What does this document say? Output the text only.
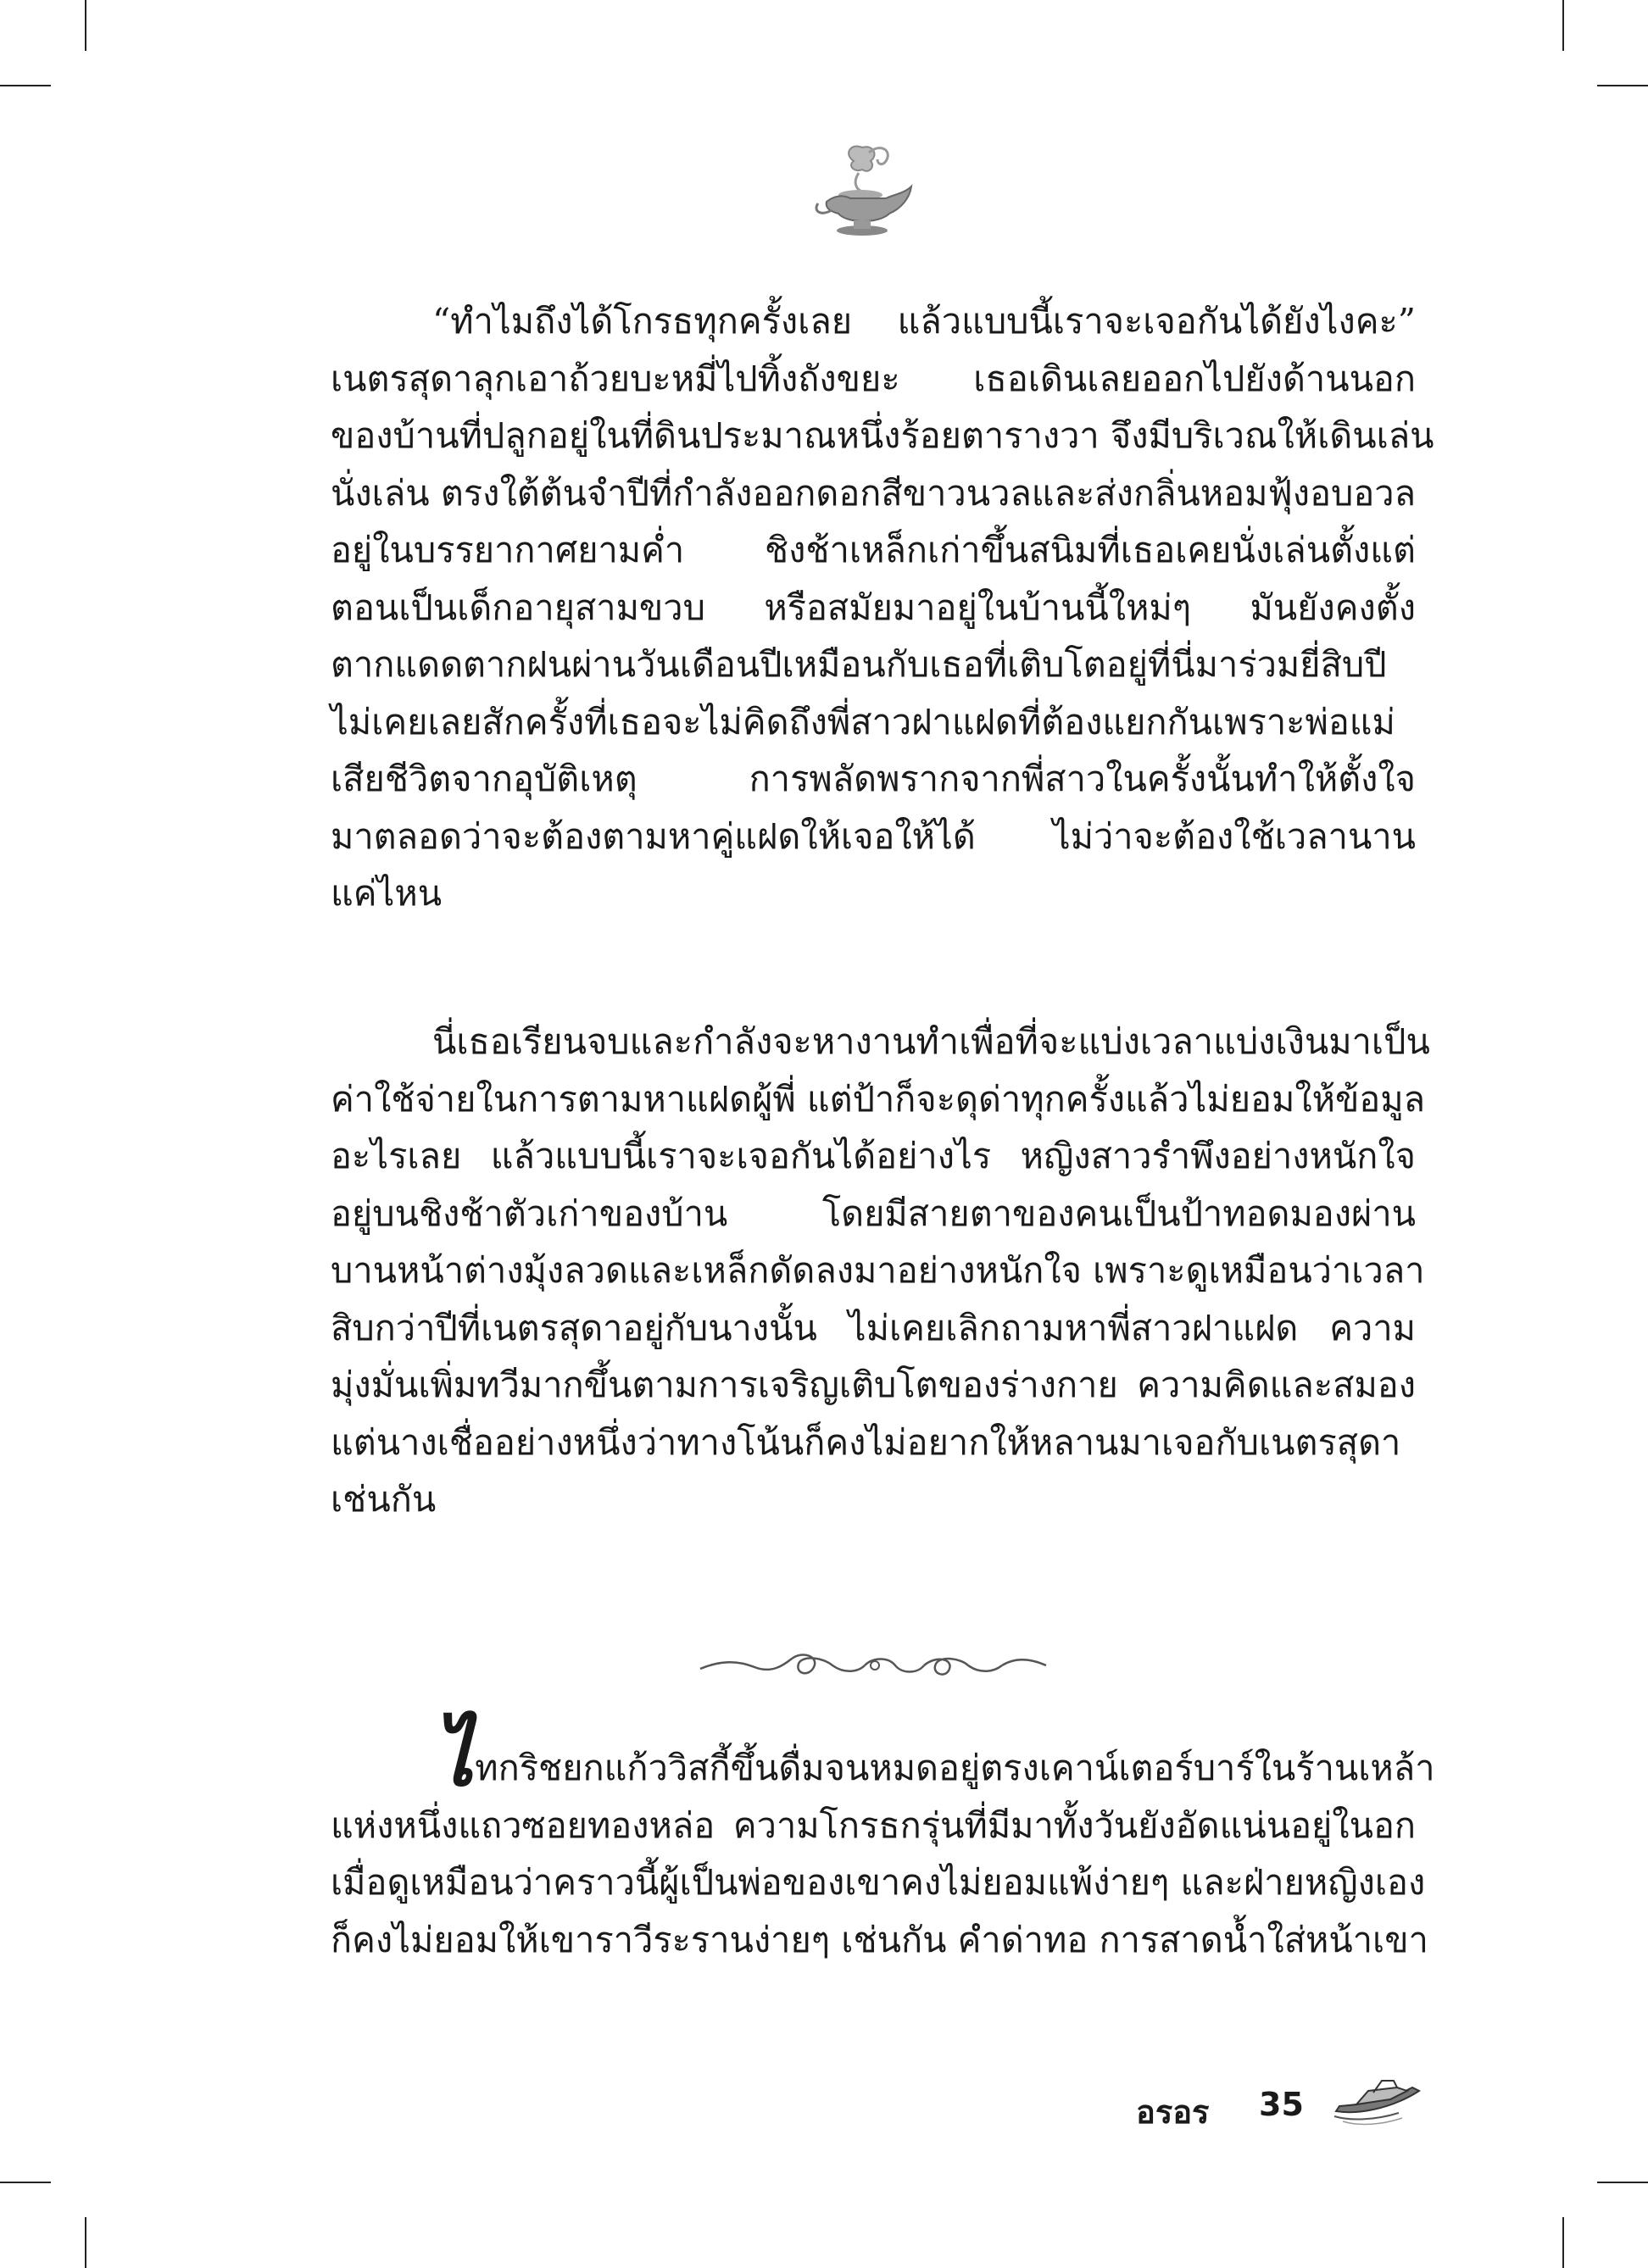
“ทำไมถึงได้โกรธทุกครั้งเลย แล้วแบบนี้เราจะเจอกันได้ยังไงคะ”
เนตรสุดาลุกเอาถ้วยบะหมี่ไปทิ้งถังขยะ เธอเดินเลยออกไปยังด้านนอก
ของบ้านที่ปลูกอยู่ในที่ดินประมาณหนึ่งร้อยตารางวา จึงมีบริเวณให้เดินเล่น
นั่งเล่น ตรงใต้ต้นจำปีที่กำลังออกดอกสีขาวนวลและส่งกลิ่นหอมฟุ้งอบอวล
อยู่ในบรรยากาศยามค่ำ ชิงช้าเหล็กเก่าขึ้นสนิมที่เธอเคยนั่งเล่นตั้งแต่
ตอนเป็นเด็กอายุสามขวบ หรือสมัยมาอยู่ในบ้านนี้ใหม่ๆ มันยังคงตั้ง
ตากแดดตากฝนผ่านวันเดือนปีเหมือนกับเธอที่เติบโตอยู่ที่นี่มาร่วมยี่สิบปี
ไม่เคยเลยสักครั้งที่เธอจะไม่คิดถึงพี่สาวฝาแฝดที่ต้องแยกกันเพราะพ่อแม่
เสียชีวิตจากอุบัติเหตุ การพลัดพรากจากพี่สาวในครั้งนั้นทำให้ตั้งใจ
มาตลอดว่าจะต้องตามหาคู่แฝดให้เจอให้ได้ ไม่ว่าจะต้องใช้เวลานาน
แค่ไหน
นี่เธอเรียนจบและกำลังจะหางานทำเพื่อที่จะแบ่งเวลาแบ่งเงินมาเป็น
ค่าใช้จ่ายในการตามหาแฝดผู้พี่ แต่ป้าก็จะดุด่าทุกครั้งแล้วไม่ยอมให้ข้อมูล
อะไรเลย แล้วแบบนี้เราจะเจอกันได้อย่างไร หญิงสาวรำพึงอย่างหนักใจ
อยู่บนชิงช้าตัวเก่าของบ้าน โดยมีสายตาของคนเป็นป้าทอดมองผ่าน
บานหน้าต่างมุ้งลวดและเหล็กดัดลงมาอย่างหนักใจ เพราะดูเหมือนว่าเวลา
สิบกว่าปีที่เนตรสุดาอยู่กับนางนั้น ไม่เคยเลิกถามหาพี่สาวฝาแฝด ความ
มุ่งมั่นเพิ่มทวีมากขึ้นตามการเจริญเติบโตของร่างกาย ความคิดและสมอง
แต่นางเชื่ออย่างหนึ่งว่าทางโน้นก็คงไม่อยากให้หลานมาเจอกับเนตรสุดา
เช่นกัน
ไทกริชยกแก้ววิสกี้ขึ้นดื่มจนหมดอยู่ตรงเคาน์เตอร์บาร์ในร้านเหล้า
แห่งหนึ่งแถวซอยทองหล่อ ความโกรธกรุ่นที่มีมาทั้งวันยังอัดแน่นอยู่ในอก
เมื่อดูเหมือนว่าคราวนี้ผู้เป็นพ่อของเขาคงไม่ยอมแพ้ง่ายๆ และฝ่ายหญิงเอง
ก็คงไม่ยอมให้เขาราวีระรานง่ายๆ เช่นกัน คำด่าทอ การสาดน้ำใส่หน้าเขา
อรอร 35
